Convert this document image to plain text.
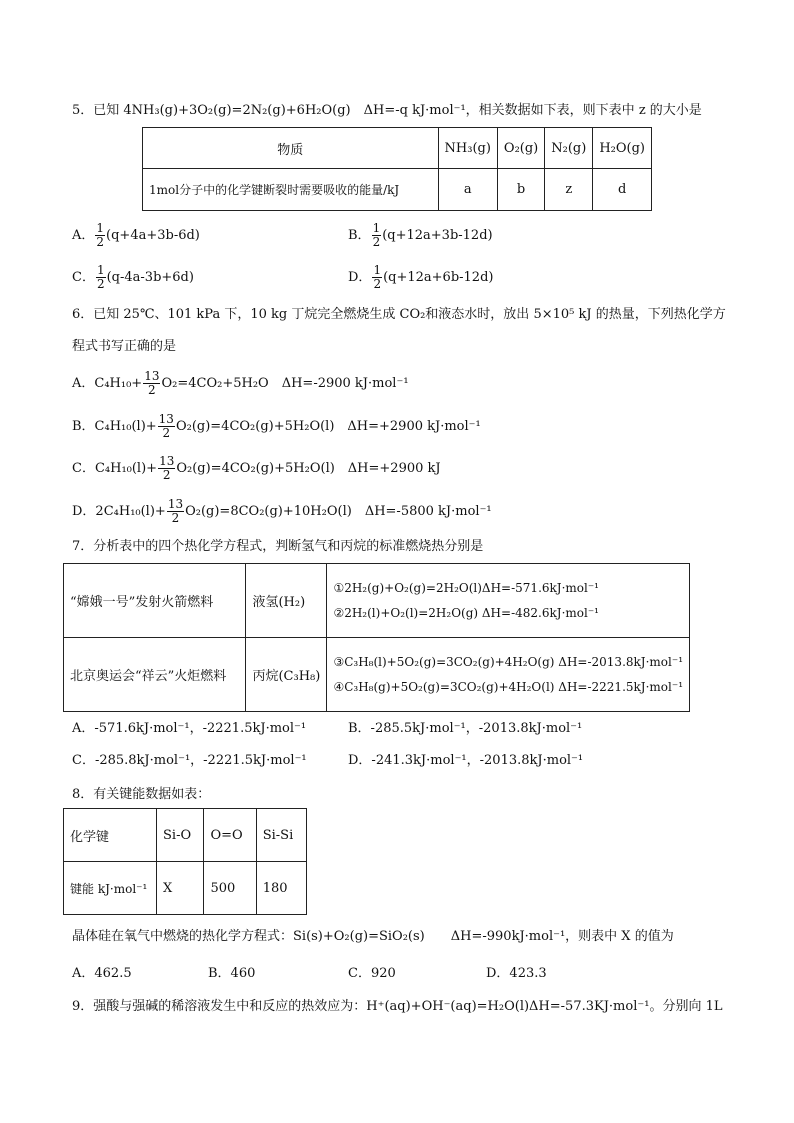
5．已知 4NH₃(g)+3O₂(g)=2N₂(g)+6H₂O(g)　ΔH=-q kJ·mol⁻¹，相关数据如下表，则下表中 z 的大小是
物质	NH₃(g)	O₂(g)	N₂(g)	H₂O(g)
1mol分子中的化学键断裂时需要吸收的能量/kJ	a	b	z	d
A． $\frac{1}{2} (q+4a+3b-6d)$	B． $\frac{1}{2} (q+12a+3b-12d)$
C． $\frac{1}{2} (q-4a-3b+6d)$	D． $\frac{1}{2} (q+12a+6b-12d)$
6．已知 25℃、101 kPa 下，10 kg 丁烷完全燃烧生成 CO₂和液态水时，放出 5×10⁵ kJ 的热量，下列热化学方
程式书写正确的是
A．$C_4H_{10}+ \frac{13}{2} O_2=4CO_2+5H_2O$　ΔH=-2900 kJ·mol⁻¹
B．$C_4H_{10}(l)+ \frac{13}{2} O_2(g)=4CO_2(g)+5H_2O(l)$　ΔH=+2900 kJ·mol⁻¹
C．$C_4H_{10}(l)+ \frac{13}{2} O_2(g)=4CO_2(g)+5H_2O(l)$　ΔH=+2900 kJ
D．$2C_4H_{10}(l)+ \frac{13}{2} O_2(g)=8CO_2(g)+10H_2O(l)$　ΔH=-5800 kJ·mol⁻¹
7．分析表中的四个热化学方程式，判断氢气和丙烷的标准燃烧热分别是
“嫦娥一号”发射火箭燃料	液氢(H₂)	①2H₂(g)+O₂(g)=2H₂O(l)ΔH=-571.6kJ·mol⁻¹
②2H₂(l)+O₂(l)=2H₂O(g) ΔH=-482.6kJ·mol⁻¹

北京奥运会“祥云”火炬燃料	丙烷(C₃H₈)	③C₃H₈(l)+5O₂(g)=3CO₂(g)+4H₂O(g) ΔH=-2013.8kJ·mol⁻¹
④C₃H₈(g)+5O₂(g)=3CO₂(g)+4H₂O(l) ΔH=-2221.5kJ·mol⁻¹
A．-571.6kJ·mol⁻¹，-2221.5kJ·mol⁻¹	B．-285.5kJ·mol⁻¹，-2013.8kJ·mol⁻¹
C．-285.8kJ·mol⁻¹，-2221.5kJ·mol⁻¹	D．-241.3kJ·mol⁻¹，-2013.8kJ·mol⁻¹
8．有关键能数据如表：
化学键	Si-O	O=O	Si-Si
键能 kJ·mol⁻¹	X	500	180
晶体硅在氧气中燃烧的热化学方程式：Si(s)+O₂(g)=SiO₂(s)　　ΔH=-990kJ·mol⁻¹，则表中 X 的值为
A．462.5	B．460	C．920	D．423.3
9．强酸与强碱的稀溶液发生中和反应的热效应为：H⁺(aq)+OH⁻(aq)=H₂O(l)ΔH=-57.3KJ·mol⁻¹。分别向 1L
